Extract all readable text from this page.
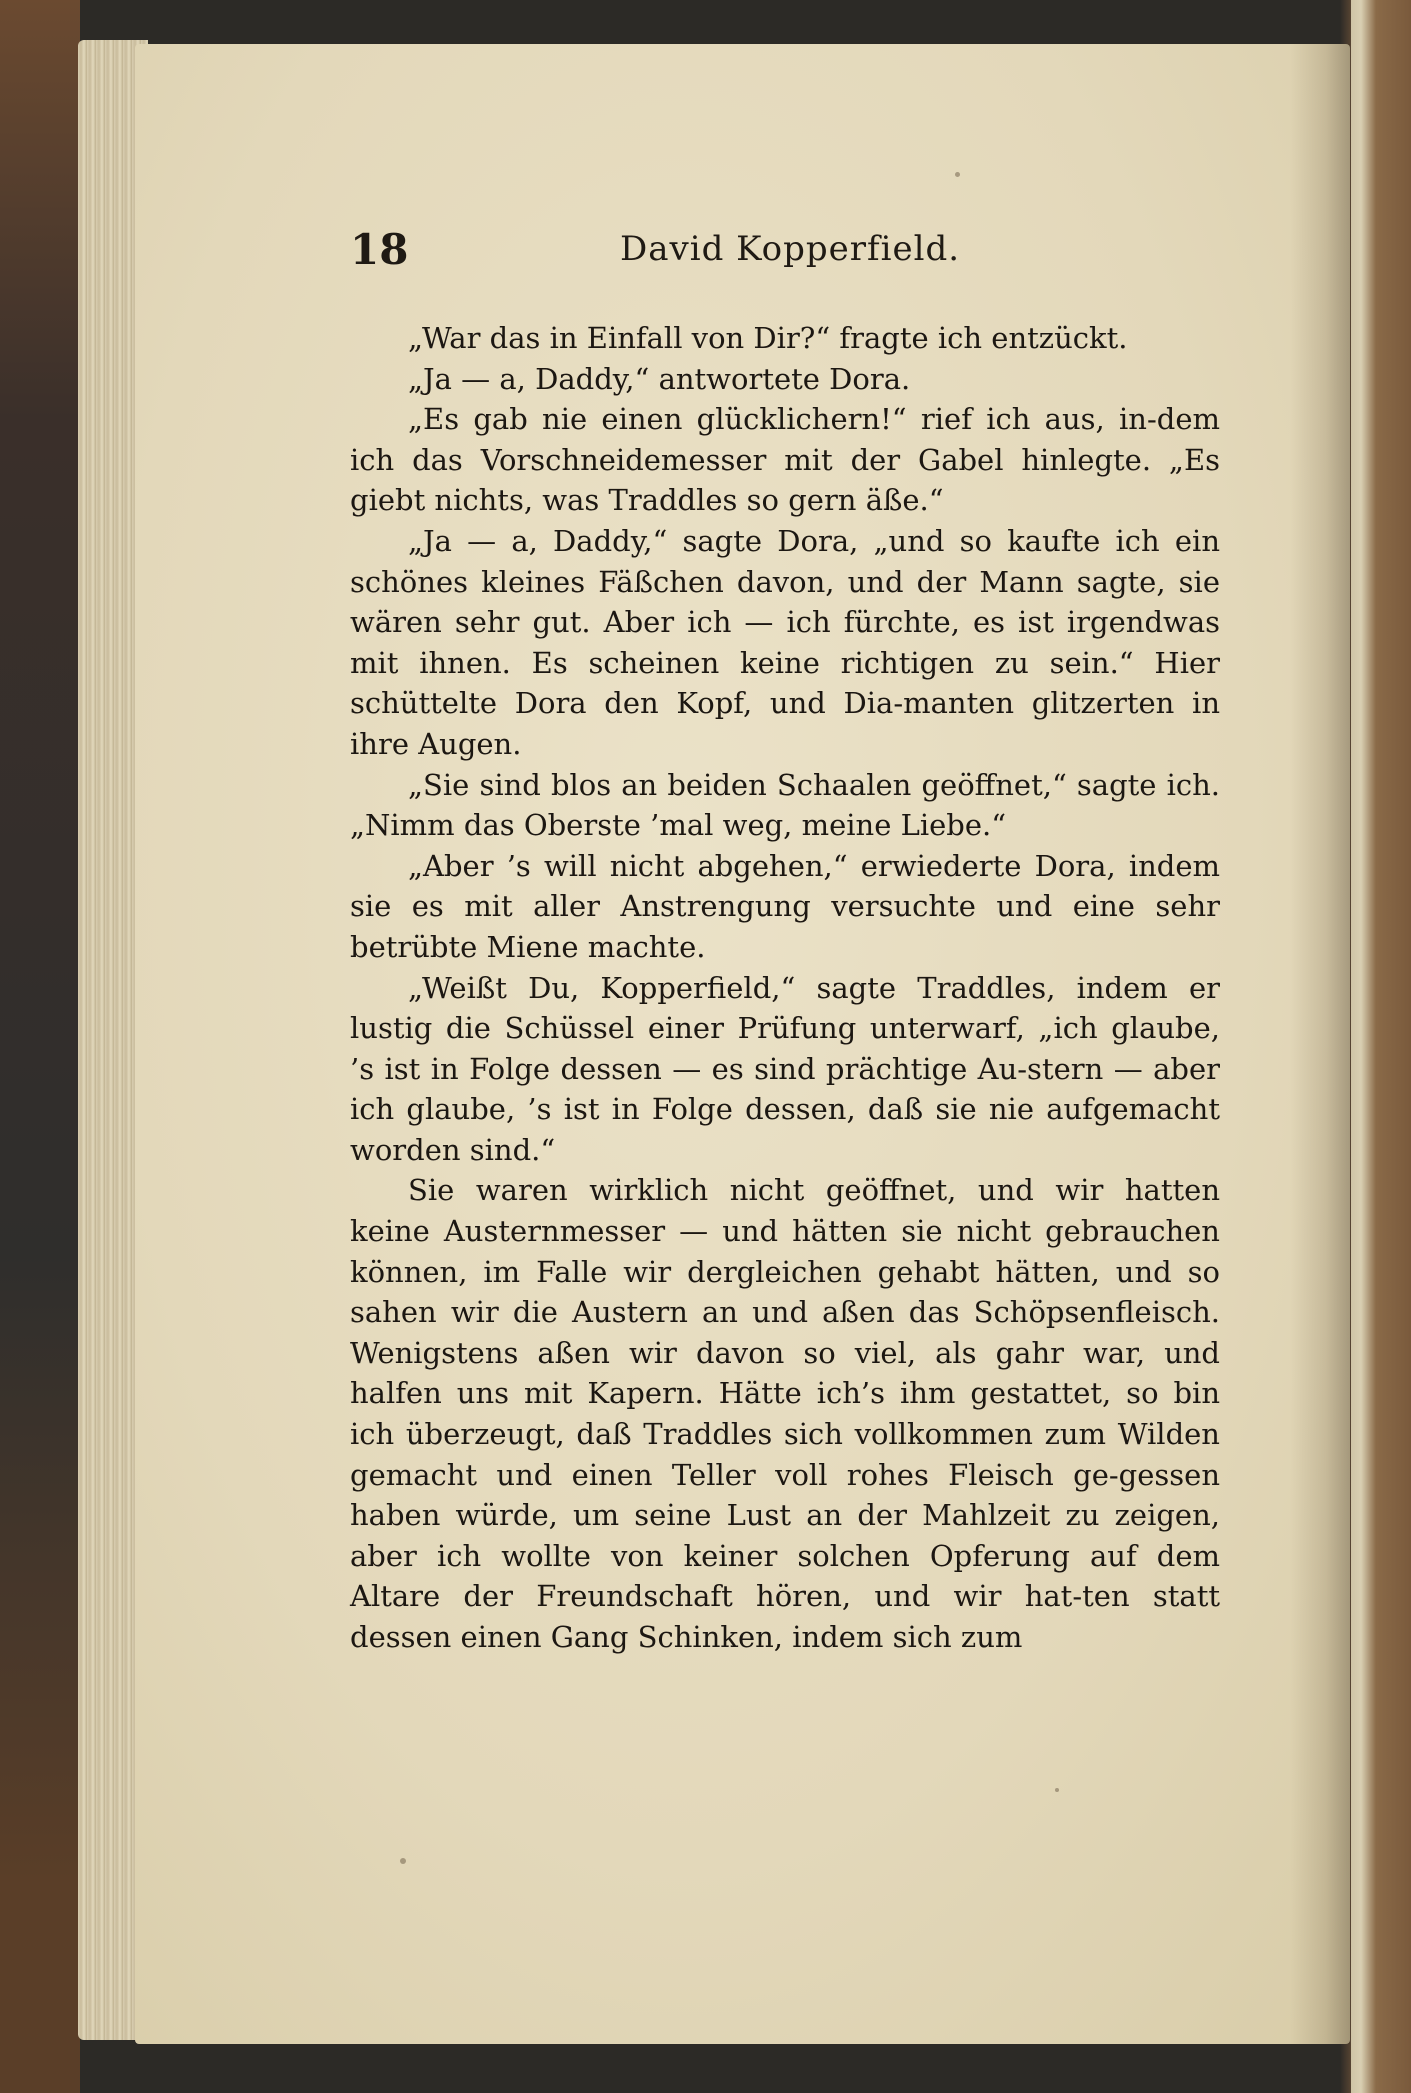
18	David Kopperfield.

„War das in Einfall von Dir?“ fragte ich entzückt.

„Ja — a, Daddy,“ antwortete Dora.

„Es gab nie einen glücklichern!“ rief ich aus, in-dem ich das Vorschneidemesser mit der Gabel hinlegte. „Es giebt nichts, was Traddles so gern äße.“

„Ja — a, Daddy,“ sagte Dora, „und so kaufte ich ein schönes kleines Fäßchen davon, und der Mann sagte, sie wären sehr gut. Aber ich — ich fürchte, es ist irgendwas mit ihnen. Es scheinen keine richtigen zu sein.“ Hier schüttelte Dora den Kopf, und Dia-manten glitzerten in ihre Augen.

„Sie sind blos an beiden Schaalen geöffnet,“ sagte ich. „Nimm das Oberste ’mal weg, meine Liebe.“

„Aber ’s will nicht abgehen,“ erwiederte Dora, indem sie es mit aller Anstrengung versuchte und eine sehr betrübte Miene machte.

„Weißt Du, Kopperfield,“ sagte Traddles, indem er lustig die Schüssel einer Prüfung unterwarf, „ich glaube, ’s ist in Folge dessen — es sind prächtige Au-stern — aber ich glaube, ’s ist in Folge dessen, daß sie nie aufgemacht worden sind.“

Sie waren wirklich nicht geöffnet, und wir hatten keine Austernmesser — und hätten sie nicht gebrauchen können, im Falle wir dergleichen gehabt hätten, und so sahen wir die Austern an und aßen das Schöpsenfleisch. Wenigstens aßen wir davon so viel, als gahr war, und halfen uns mit Kapern. Hätte ich’s ihm gestattet, so bin ich überzeugt, daß Traddles sich vollkommen zum Wilden gemacht und einen Teller voll rohes Fleisch ge-gessen haben würde, um seine Lust an der Mahlzeit zu zeigen, aber ich wollte von keiner solchen Opferung auf dem Altare der Freundschaft hören, und wir hat-ten statt dessen einen Gang Schinken, indem sich zum
